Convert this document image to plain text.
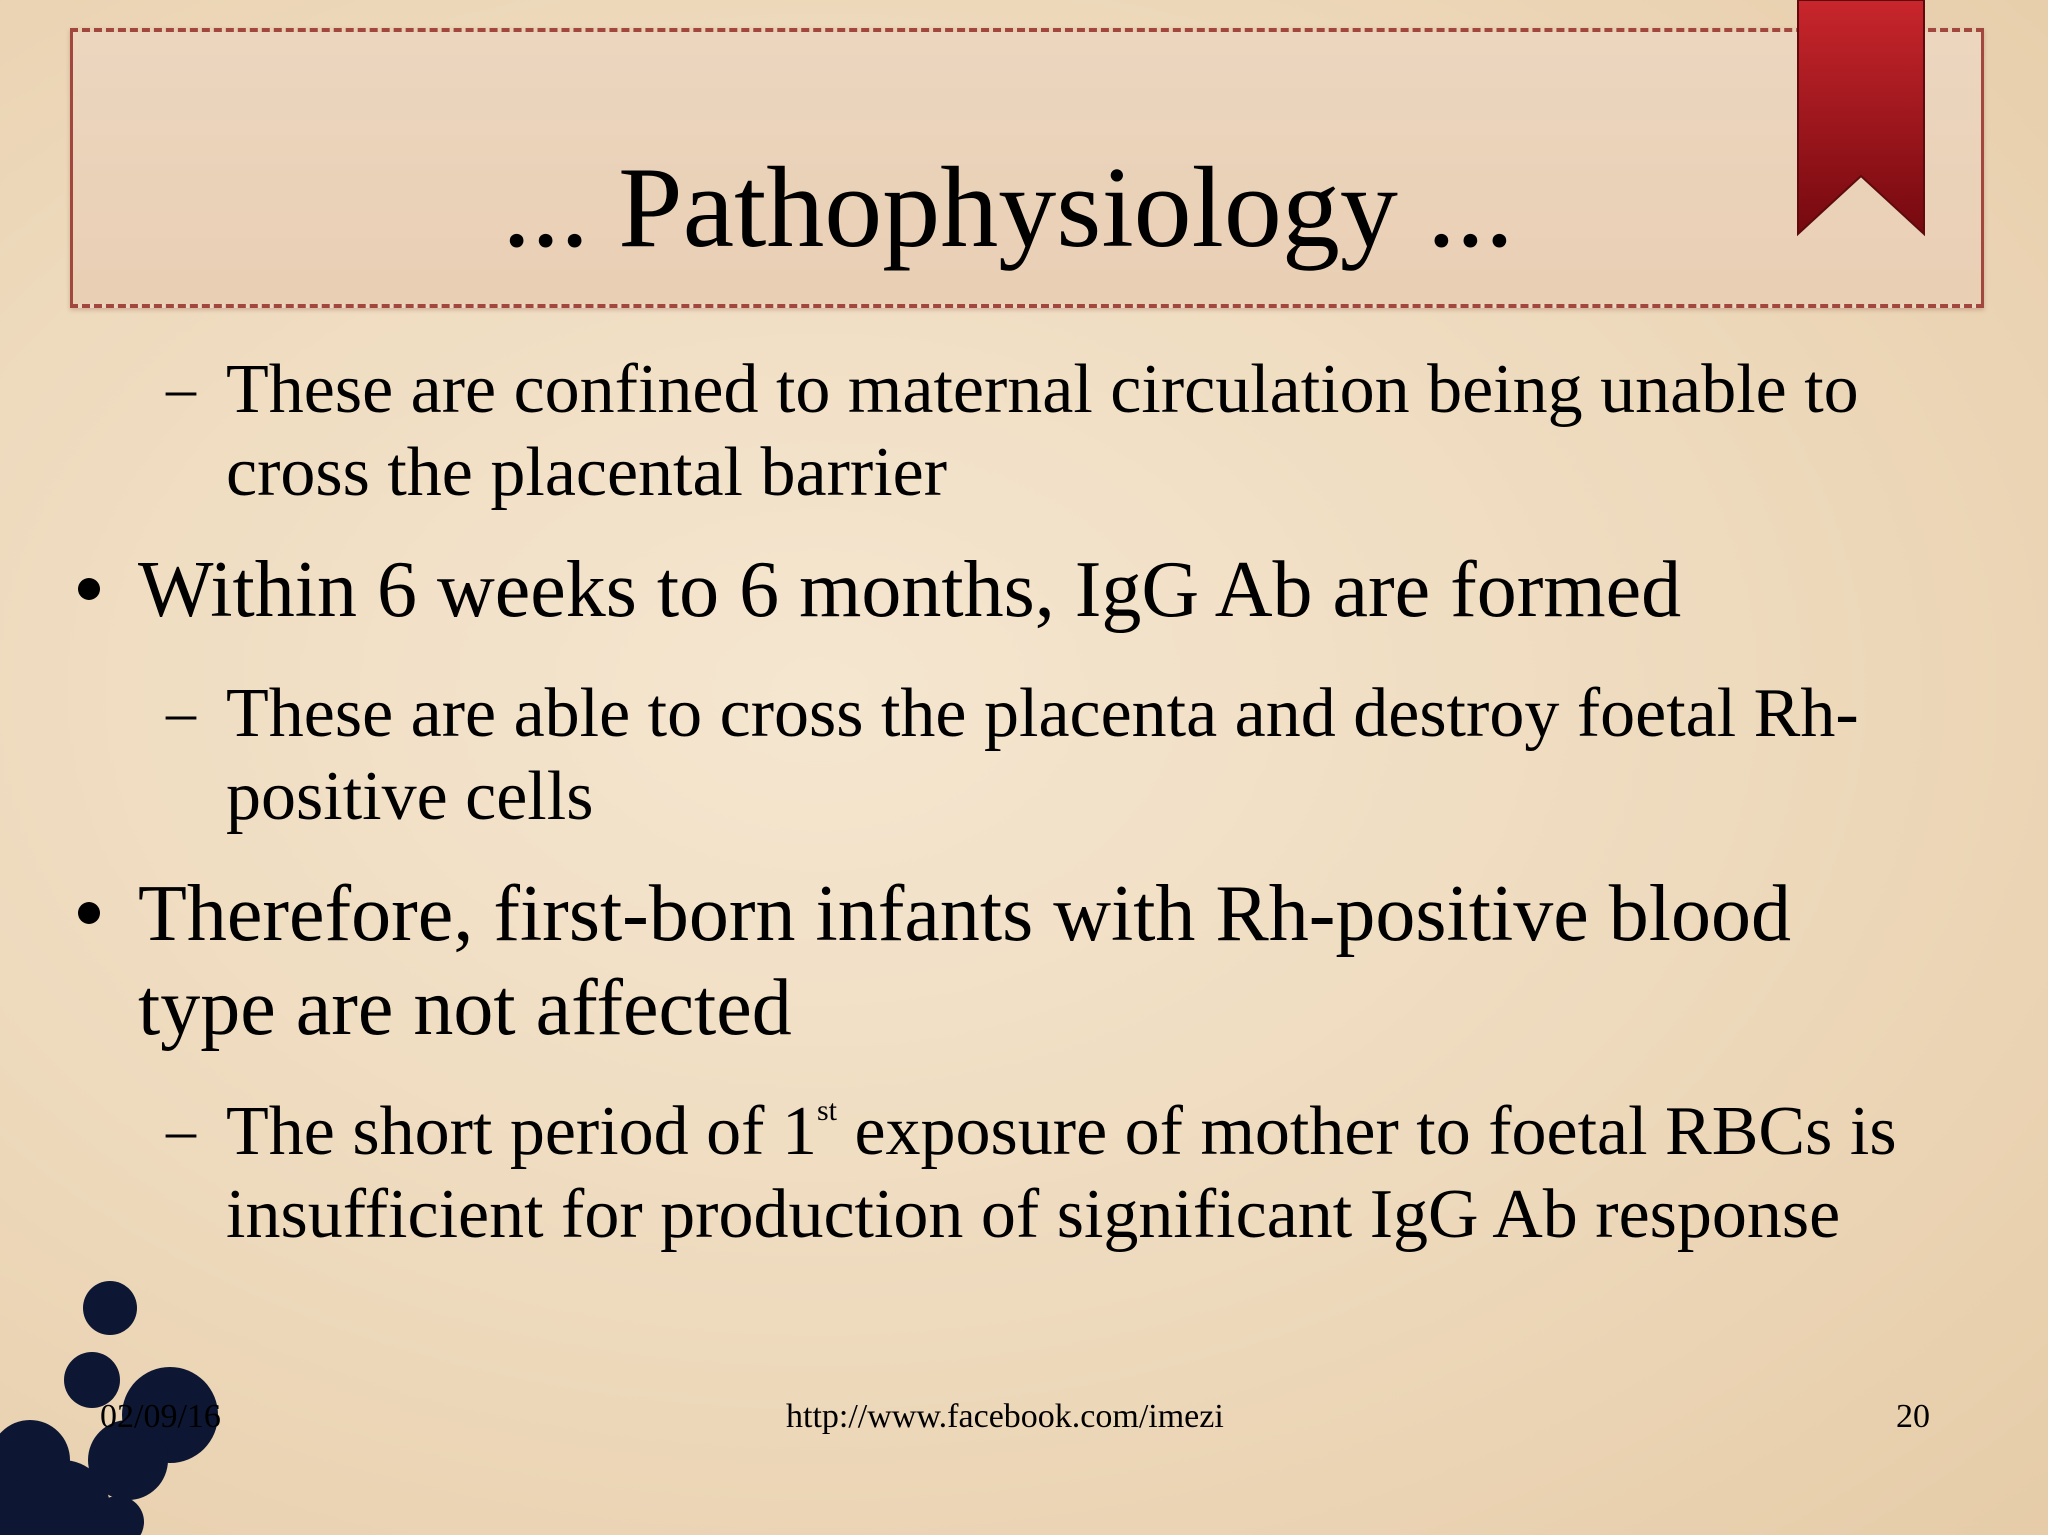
... Pathophysiology ...
– These are confined to maternal circulation being unable to
cross the placental barrier
Within 6 weeks to 6 months, IgG Ab are formed
– These are able to cross the placenta and destroy foetal Rh-
positive cells
Therefore, first-born infants with Rh-positive blood
type are not affected
– The short period of 1st exposure of mother to foetal RBCs is
insufficient for production of significant IgG Ab response
02/09/16	http://www.facebook.com/imezi	20
